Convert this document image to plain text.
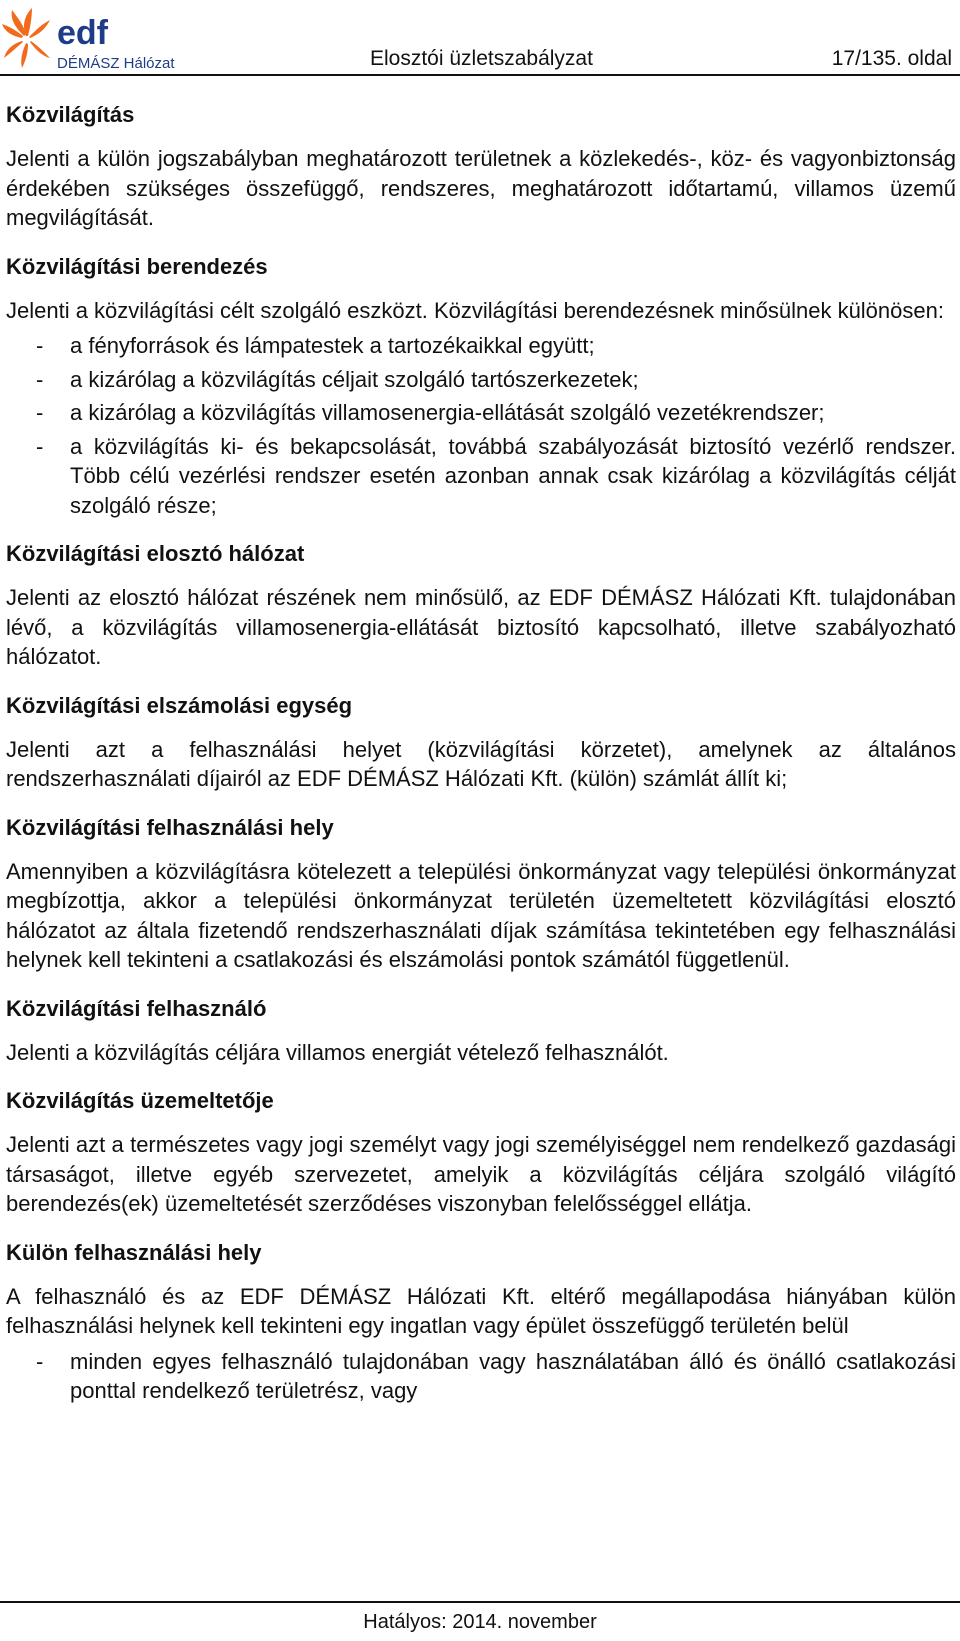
edf
DÉMÁSZ Hálózat	Elosztói üzletszabályzat	17/135. oldal
Közvilágítás

Jelenti a külön jogszabályban meghatározott területnek a közlekedés-, köz- és vagyonbiztonság érdekében szükséges összefüggő, rendszeres, meghatározott időtartamú, villamos üzemű megvilágítását.

Közvilágítási berendezés

Jelenti a közvilágítási célt szolgáló eszközt. Közvilágítási berendezésnek minősülnek különösen:

- a fényforrások és lámpatestek a tartozékaikkal együtt;
- a kizárólag a közvilágítás céljait szolgáló tartószerkezetek;
- a kizárólag a közvilágítás villamosenergia-ellátását szolgáló vezetékrendszer;
- a közvilágítás ki- és bekapcsolását, továbbá szabályozását biztosító vezérlő rendszer. Több célú vezérlési rendszer esetén azonban annak csak kizárólag a közvilágítás célját szolgáló része;
Közvilágítási elosztó hálózat

Jelenti az elosztó hálózat részének nem minősülő, az EDF DÉMÁSZ Hálózati Kft. tulajdonában lévő, a közvilágítás villamosenergia-ellátását biztosító kapcsolható, illetve szabályozható hálózatot.

Közvilágítási elszámolási egység

Jelenti azt a felhasználási helyet (közvilágítási körzetet), amelynek az általános rendszerhasználati díjairól az EDF DÉMÁSZ Hálózati Kft. (külön) számlát állít ki;

Közvilágítási felhasználási hely

Amennyiben a közvilágításra kötelezett a települési önkormányzat vagy települési önkormányzat megbízottja, akkor a települési önkormányzat területén üzemeltetett közvilágítási elosztó hálózatot az általa fizetendő rendszerhasználati díjak számítása tekintetében egy felhasználási helynek kell tekinteni a csatlakozási és elszámolási pontok számától függetlenül.

Közvilágítási felhasználó

Jelenti a közvilágítás céljára villamos energiát vételező felhasználót.

Közvilágítás üzemeltetője

Jelenti azt a természetes vagy jogi személyt vagy jogi személyiséggel nem rendelkező gazdasági társaságot, illetve egyéb szervezetet, amelyik a közvilágítás céljára szolgáló világító berendezés(ek) üzemeltetését szerződéses viszonyban felelősséggel ellátja.

Külön felhasználási hely

A felhasználó és az EDF DÉMÁSZ Hálózati Kft. eltérő megállapodása hiányában külön felhasználási helynek kell tekinteni egy ingatlan vagy épület összefüggő területén belül

- minden egyes felhasználó tulajdonában vagy használatában álló és önálló csatlakozási ponttal rendelkező területrész, vagy
Hatályos: 2014. november
